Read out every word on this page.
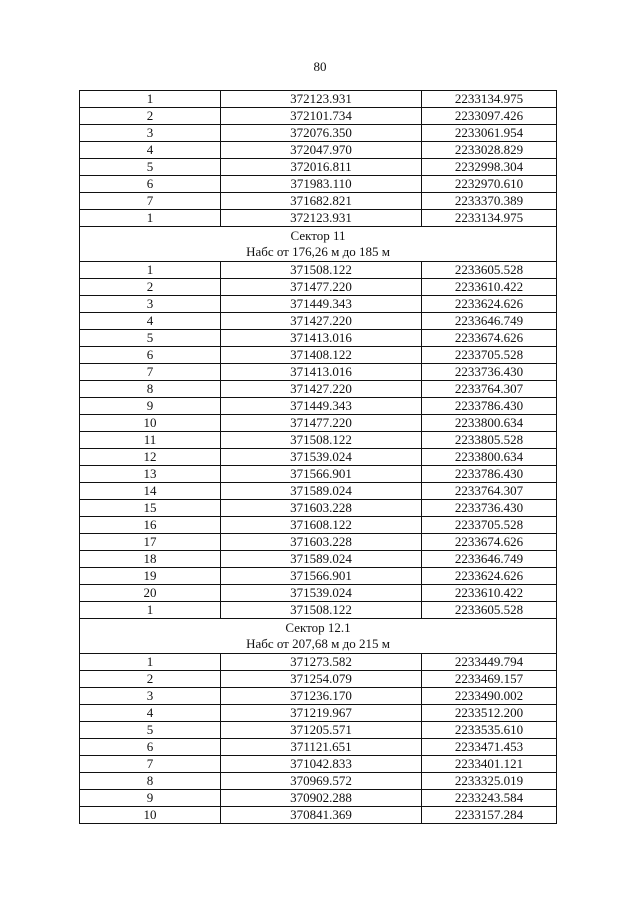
80
1	372123.931	2233134.975
2	372101.734	2233097.426
3	372076.350	2233061.954
4	372047.970	2233028.829
5	372016.811	2232998.304
6	371983.110	2232970.610
7	371682.821	2233370.389
1	372123.931	2233134.975

Сектор 11
Набс от 176,26 м до 185 м		

1	371508.122	2233605.528
2	371477.220	2233610.422
3	371449.343	2233624.626
4	371427.220	2233646.749
5	371413.016	2233674.626
6	371408.122	2233705.528
7	371413.016	2233736.430
8	371427.220	2233764.307
9	371449.343	2233786.430
10	371477.220	2233800.634
11	371508.122	2233805.528
12	371539.024	2233800.634
13	371566.901	2233786.430
14	371589.024	2233764.307
15	371603.228	2233736.430
16	371608.122	2233705.528
17	371603.228	2233674.626
18	371589.024	2233646.749
19	371566.901	2233624.626
20	371539.024	2233610.422
1	371508.122	2233605.528

Сектор 12.1
Набс от 207,68 м до 215 м		

1	371273.582	2233449.794
2	371254.079	2233469.157
3	371236.170	2233490.002
4	371219.967	2233512.200
5	371205.571	2233535.610
6	371121.651	2233471.453
7	371042.833	2233401.121
8	370969.572	2233325.019
9	370902.288	2233243.584
10	370841.369	2233157.284
